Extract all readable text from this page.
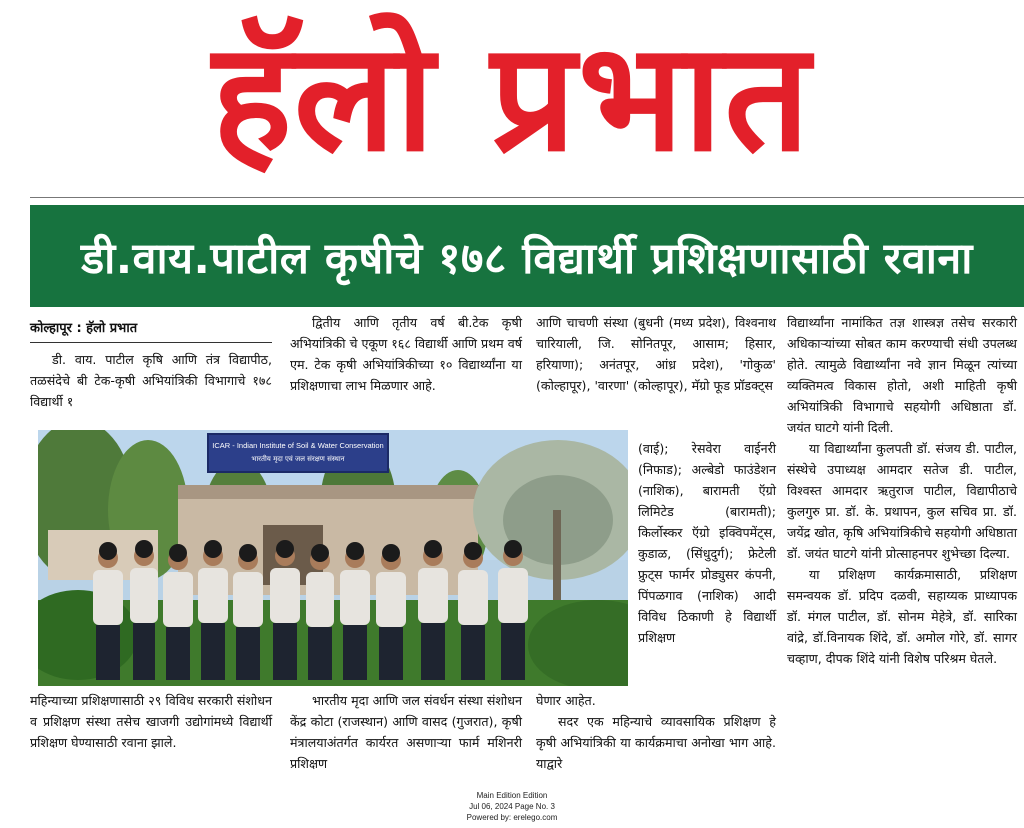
हॅलो प्रभात
डी.वाय.पाटील कृषीचे १७८ विद्यार्थी प्रशिक्षणासाठी रवाना
कोल्हापूर : हॅलो प्रभात

डी. वाय. पाटील कृषि आणि तंत्र विद्यापीठ, तळसंदेचे बी टेक-कृषी अभियांत्रिकी विभागाचे १७८ विद्यार्थी १

द्वितीय आणि तृतीय वर्ष बी.टेक कृषी अभियांत्रिकी चे एकूण १६८ विद्यार्थी आणि प्रथम वर्ष एम. टेक कृषी अभियांत्रिकीच्या १० विद्यार्थ्यांना या प्रशिक्षणाचा लाभ मिळणार आहे.

आणि चाचणी संस्था (बुधनी (मध्य प्रदेश), विश्वनाथ चारियाली, जि. सोनितपूर, आसाम; हिसार, हरियाणा); अनंतपूर, आंध्र प्रदेश), 'गोकुळ' (कोल्हापूर), 'वारणा' (कोल्हापूर), मॅग्रो फूड प्रॉडक्ट्स

(वाई); रेसवेरा वाईनरी (निफाड); अल्बेडो फाउंडेशन (नाशिक), बारामती ऍग्रो लिमिटेड (बारामती); किर्लोस्कर ऍग्रो इक्विपमेंट्स, कुडाळ, (सिंधुदुर्ग); फ्रेटेली फ्रुट्स फार्मर प्रोड्युसर कंपनी, पिंपळगाव (नाशिक) आदी विविध ठिकाणी हे विद्यार्थी प्रशिक्षण

विद्यार्थ्यांना नामांकित तज्ञ शास्त्रज्ञ तसेच सरकारी अधिकाऱ्यांच्या सोबत काम करण्याची संधी उपलब्ध होते. त्यामुळे विद्यार्थ्यांना नवे ज्ञान मिळून त्यांच्या व्यक्तिमत्व विकास होतो, अशी माहिती कृषी अभियांत्रिकी विभागाचे सहयोगी अधिष्ठाता डॉ. जयंत घाटगे यांनी दिली.

या विद्यार्थ्यांना कुलपती डॉ. संजय डी. पाटील, संस्थेचे उपाध्यक्ष आमदार सतेज डी. पाटील, विश्वस्त आमदार ऋतुराज पाटील, विद्यापीठाचे कुलगुरु प्रा. डॉ. के. प्रथापन, कुल सचिव प्रा. डॉ. जयेंद्र खोत, कृषि अभियांत्रिकीचे सहयोगी अधिष्ठाता डॉ. जयंत घाटगे यांनी प्रोत्साहनपर शुभेच्छा दिल्या.

या प्रशिक्षण कार्यक्रमासाठी, प्रशिक्षण समन्वयक डॉ. प्रदिप दळवी, सहाय्यक प्राध्यापक डॉ. मंगल पाटील, डॉ. सोनम मेहेत्रे, डॉ. सारिका वांद्रे, डॉ.विनायक शिंदे, डॉ. अमोल गोरे, डॉ. सागर चव्हाण, दीपक शिंदे यांनी विशेष परिश्रम घेतले.

ICAR - Indian Institute of Soil & Water Conservation
भारतीय मृदा एवं जल संरक्षण संस्थान

महिन्याच्या प्रशिक्षणासाठी २९ विविध सरकारी संशोधन व प्रशिक्षण संस्था तसेच खाजगी उद्योगांमध्ये विद्यार्थी प्रशिक्षण घेण्यासाठी रवाना झाले.

भारतीय मृदा आणि जल संवर्धन संस्था संशोधन केंद्र कोटा (राजस्थान) आणि वासद (गुजरात), कृषी मंत्रालयाअंतर्गत कार्यरत असणाऱ्या फार्म मशिनरी प्रशिक्षण

घेणार आहेत.

सदर एक महिन्याचे व्यावसायिक प्रशिक्षण हे कृषी अभियांत्रिकी या कार्यक्रमाचा अनोखा भाग आहे. याद्वारे

Main Edition Edition
Jul 06, 2024 Page No. 3
Powered by: erelego.com
